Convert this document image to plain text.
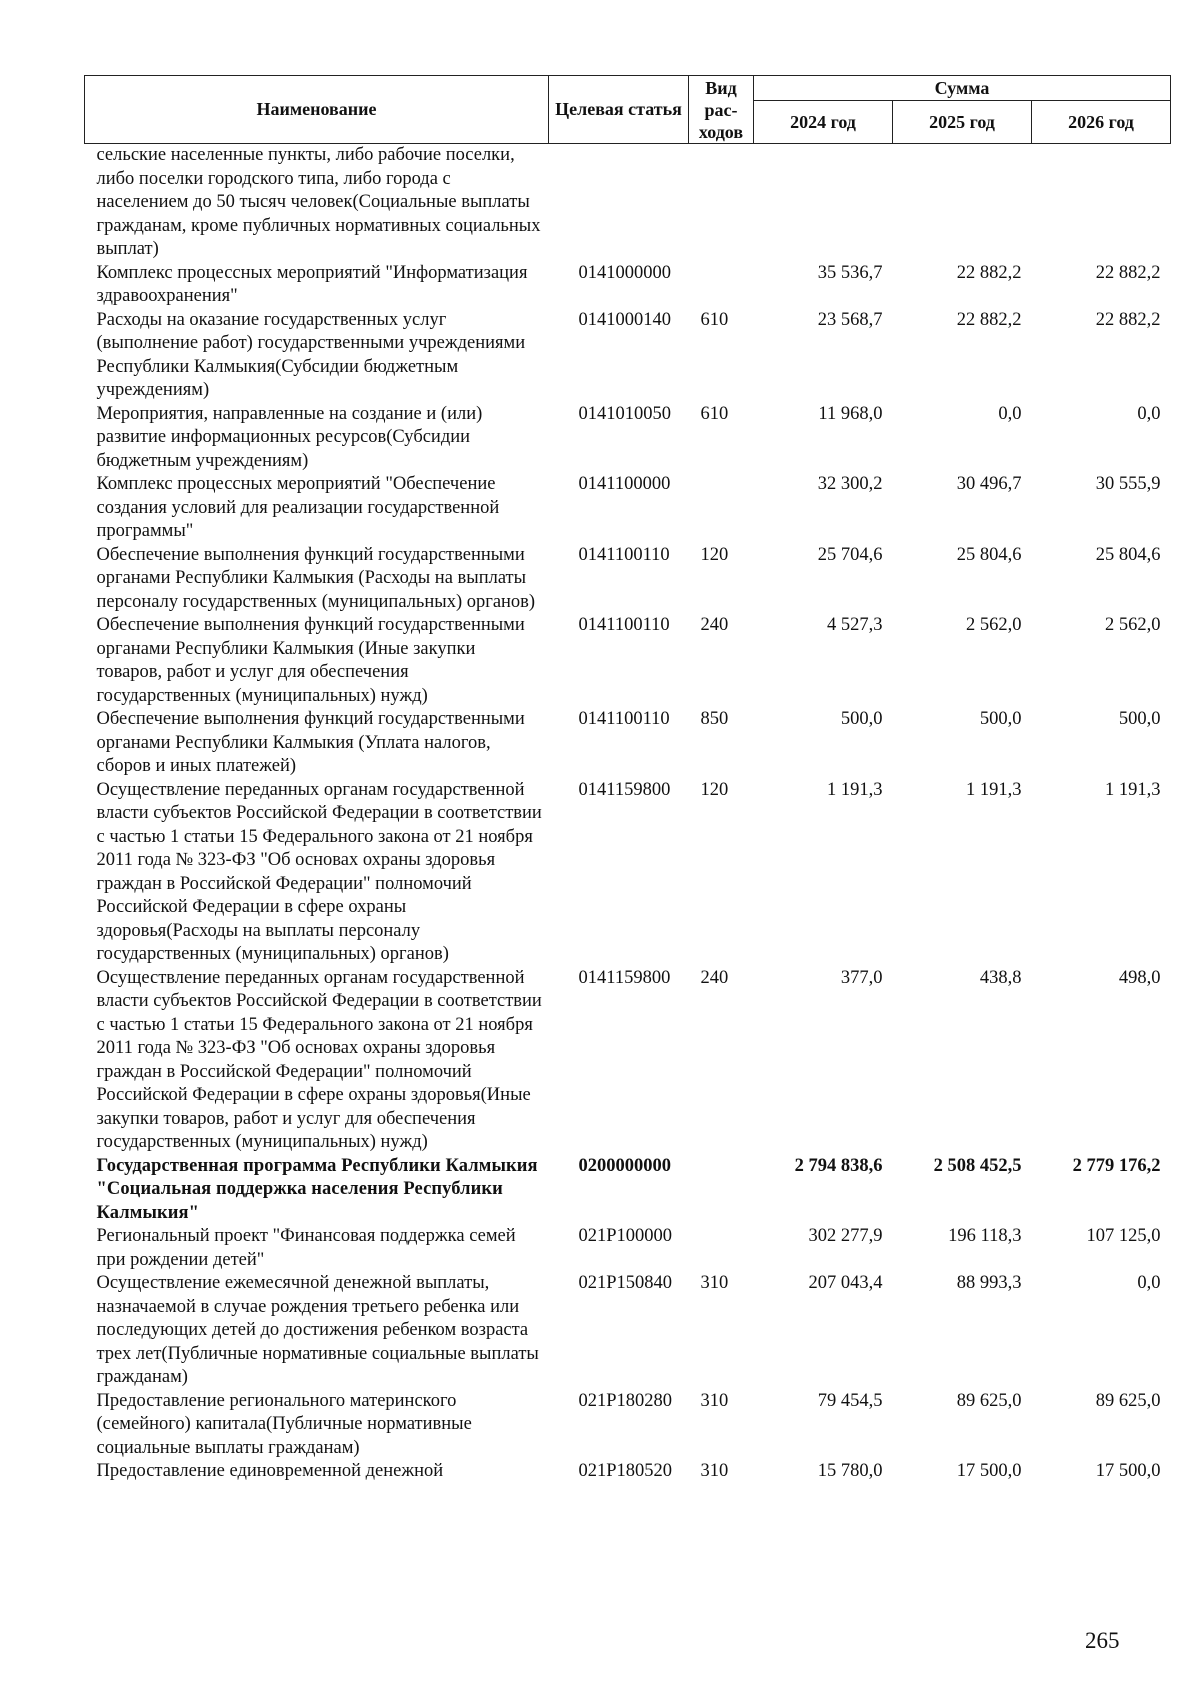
Наименование	Целевая статья	Вид рас-ходов	Сумма		
			2024 год	2025 год	2026 год
сельские населенные пункты, либо рабочие поселки, либо поселки городского типа, либо города с населением до 50 тысяч человек(Социальные выплаты гражданам, кроме публичных нормативных социальных выплат)					
Комплекс процессных мероприятий "Информатизация здравоохранения"	0141000000		35 536,7	22 882,2	22 882,2
Расходы на оказание государственных услуг (выполнение работ) государственными учреждениями Республики Калмыкия(Субсидии бюджетным учреждениям)	0141000140	610	23 568,7	22 882,2	22 882,2
Мероприятия, направленные на создание и (или) развитие информационных ресурсов(Субсидии бюджетным учреждениям)	0141010050	610	11 968,0	0,0	0,0
Комплекс процессных мероприятий "Обеспечение создания условий для реализации государственной программы"	0141100000		32 300,2	30 496,7	30 555,9
Обеспечение выполнения функций государственными органами Республики Калмыкия (Расходы на выплаты персоналу государственных (муниципальных) органов)	0141100110	120	25 704,6	25 804,6	25 804,6
Обеспечение выполнения функций государственными органами Республики Калмыкия (Иные закупки товаров, работ и услуг для обеспечения государственных (муниципальных) нужд)	0141100110	240	4 527,3	2 562,0	2 562,0
Обеспечение выполнения функций государственными органами Республики Калмыкия (Уплата налогов, сборов и иных платежей)	0141100110	850	500,0	500,0	500,0
Осуществление переданных органам государственной власти субъектов Российской Федерации в соответствии с частью 1 статьи 15 Федерального закона от 21 ноября 2011 года № 323-ФЗ "Об основах охраны здоровья граждан в Российской Федерации" полномочий Российской Федерации в сфере охраны здоровья(Расходы на выплаты персоналу государственных (муниципальных) органов)	0141159800	120	1 191,3	1 191,3	1 191,3
Осуществление переданных органам государственной власти субъектов Российской Федерации в соответствии с частью 1 статьи 15 Федерального закона от 21 ноября 2011 года № 323-ФЗ "Об основах охраны здоровья граждан в Российской Федерации" полномочий Российской Федерации в сфере охраны здоровья(Иные закупки товаров, работ и услуг для обеспечения государственных (муниципальных) нужд)	0141159800	240	377,0	438,8	498,0
Государственная программа Республики Калмыкия "Социальная поддержка населения Республики Калмыкия"	0200000000		2 794 838,6	2 508 452,5	2 779 176,2
Региональный проект "Финансовая поддержка семей при рождении детей"	021P100000		302 277,9	196 118,3	107 125,0
Осуществление ежемесячной денежной выплаты, назначаемой в случае рождения третьего ребенка или последующих детей до достижения ребенком возраста трех лет(Публичные нормативные социальные выплаты гражданам)	021P150840	310	207 043,4	88 993,3	0,0
Предоставление регионального материнского (семейного) капитала(Публичные нормативные социальные выплаты гражданам)	021P180280	310	79 454,5	89 625,0	89 625,0
Предоставление единовременной денежной	021P180520	310	15 780,0	17 500,0	17 500,0
265
